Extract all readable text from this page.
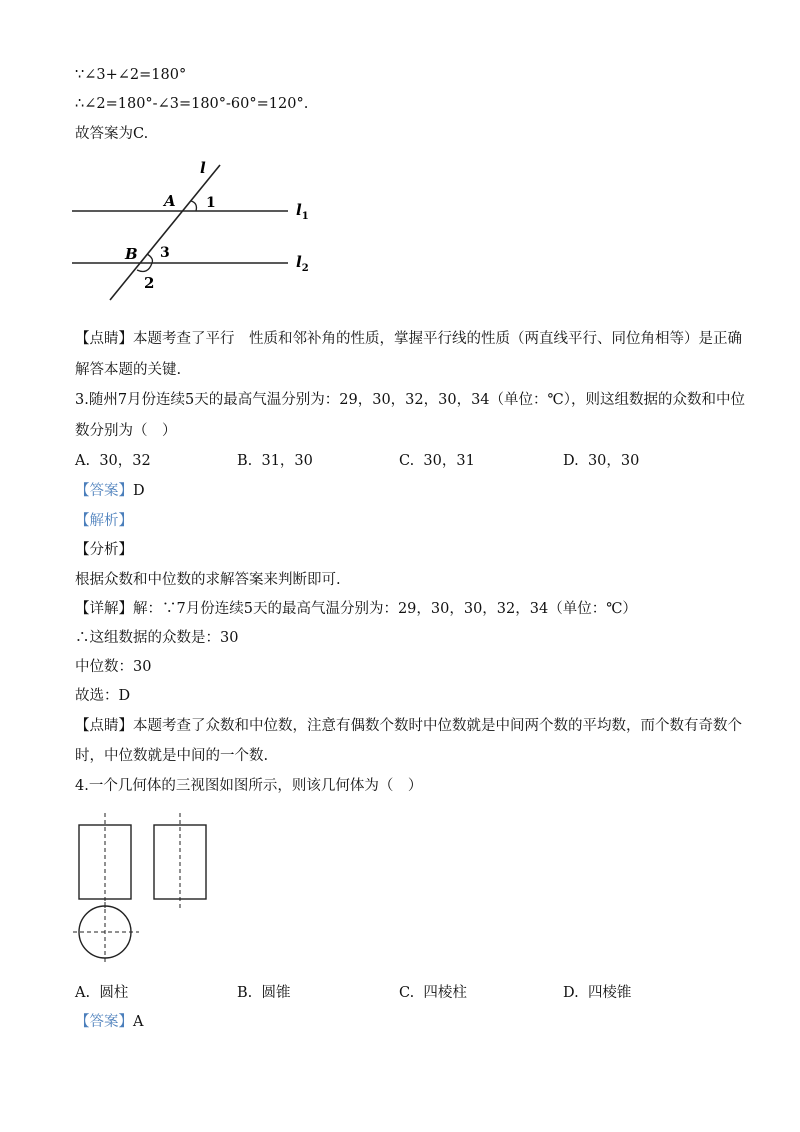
∵∠3+∠2=180°
∴∠2=180°-∠3=180°-60°=120°.
故答案为C.
l
A 1	$l_1$
B 3
2
$l_2$
【点睛】本题考查了平行　性质和邻补角的性质，掌握平行线的性质（两直线平行、同位角相等）是正确
解答本题的关键.
3.随州7月份连续5天的最高气温分别为：29，30，32，30，34（单位：℃），则这组数据的众数和中位
数分别为（　）
A. 30，32	B. 31，30	C. 30，31	D. 30，30
【答案】D
【解析】
【分析】
根据众数和中位数的求解答案来判断即可.
【详解】解：∵7月份连续5天的最高气温分别为：29，30，30，32，34（单位：℃）
∴这组数据的众数是：30
中位数：30
故选：D
【点睛】本题考查了众数和中位数，注意有偶数个数时中位数就是中间两个数的平均数，而个数有奇数个
时，中位数就是中间的一个数.
4.一个几何体的三视图如图所示，则该几何体为（　）
A. 圆柱	B. 圆锥	C. 四棱柱	D. 四棱锥
【答案】A
